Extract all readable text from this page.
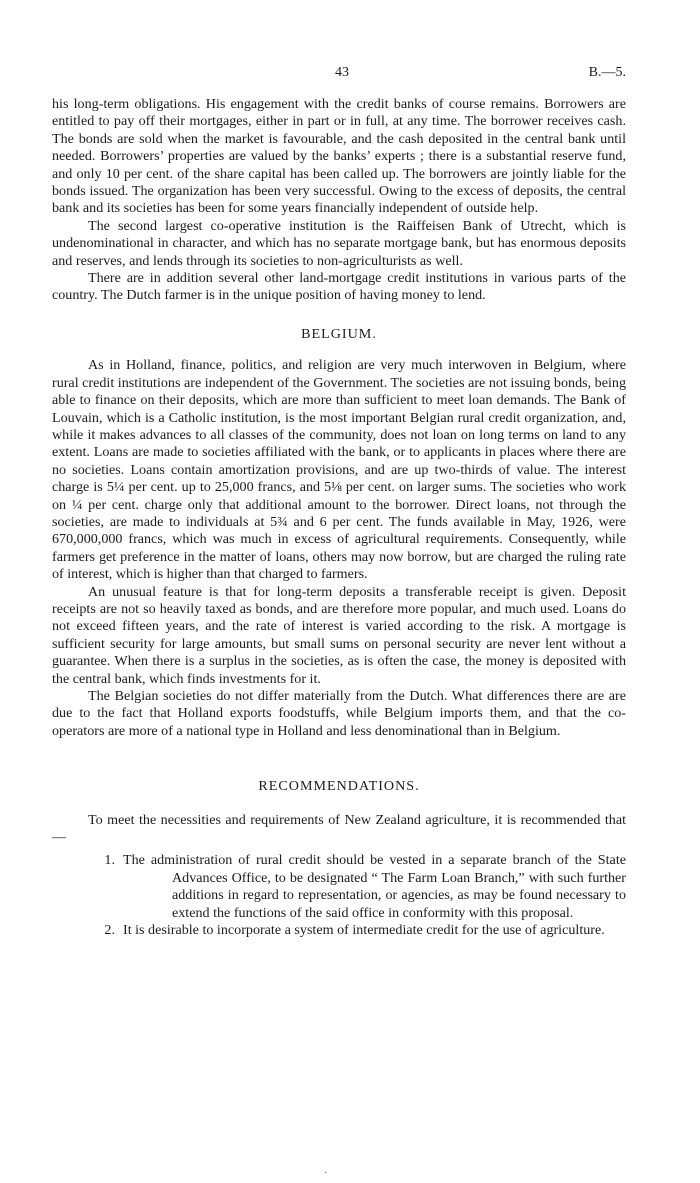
43	B.—5.

his long-term obligations. His engagement with the credit banks of course remains. Borrowers are entitled to pay off their mortgages, either in part or in full, at any time. The borrower receives cash. The bonds are sold when the market is favourable, and the cash deposited in the central bank until needed. Borrowers’ properties are valued by the banks’ experts ; there is a substantial reserve fund, and only 10 per cent. of the share capital has been called up. The borrowers are jointly liable for the bonds issued. The organization has been very successful. Owing to the excess of deposits, the central bank and its societies has been for some years financially independent of outside help.

The second largest co-operative institution is the Raiffeisen Bank of Utrecht, which is undenominational in character, and which has no separate mortgage bank, but has enormous deposits and reserves, and lends through its societies to non-agriculturists as well.

There are in addition several other land-mortgage credit institutions in various parts of the country. The Dutch farmer is in the unique position of having money to lend.

BELGIUM.

As in Holland, finance, politics, and religion are very much interwoven in Belgium, where rural credit institutions are independent of the Government. The societies are not issuing bonds, being able to finance on their deposits, which are more than sufficient to meet loan demands. The Bank of Louvain, which is a Catholic institution, is the most important Belgian rural credit organization, and, while it makes advances to all classes of the community, does not loan on long terms on land to any extent. Loans are made to societies affiliated with the bank, or to applicants in places where there are no societies. Loans contain amortization provisions, and are up two-thirds of value. The interest charge is 5¼ per cent. up to 25,000 francs, and 5⅛ per cent. on larger sums. The societies who work on ¼ per cent. charge only that additional amount to the borrower. Direct loans, not through the societies, are made to individuals at 5¾ and 6 per cent. The funds available in May, 1926, were 670,000,000 francs, which was much in excess of agricultural requirements. Consequently, while farmers get preference in the matter of loans, others may now borrow, but are charged the ruling rate of interest, which is higher than that charged to farmers.

An unusual feature is that for long-term deposits a transferable receipt is given. Deposit receipts are not so heavily taxed as bonds, and are therefore more popular, and much used. Loans do not exceed fifteen years, and the rate of interest is varied according to the risk. A mortgage is sufficient security for large amounts, but small sums on personal security are never lent without a guarantee. When there is a surplus in the societies, as is often the case, the money is deposited with the central bank, which finds investments for it.

The Belgian societies do not differ materially from the Dutch. What differences there are are due to the fact that Holland exports foodstuffs, while Belgium imports them, and that the co-operators are more of a national type in Holland and less denominational than in Belgium.

RECOMMENDATIONS.

To meet the necessities and requirements of New Zealand agriculture, it is recommended that—

1. The administration of rural credit should be vested in a separate branch of the State Advances Office, to be designated “ The Farm Loan Branch,” with such further additions in regard to representation, or agencies, as may be found necessary to extend the functions of the said office in conformity with this proposal.
2. It is desirable to incorporate a system of intermediate credit for the use of agriculture.
·
